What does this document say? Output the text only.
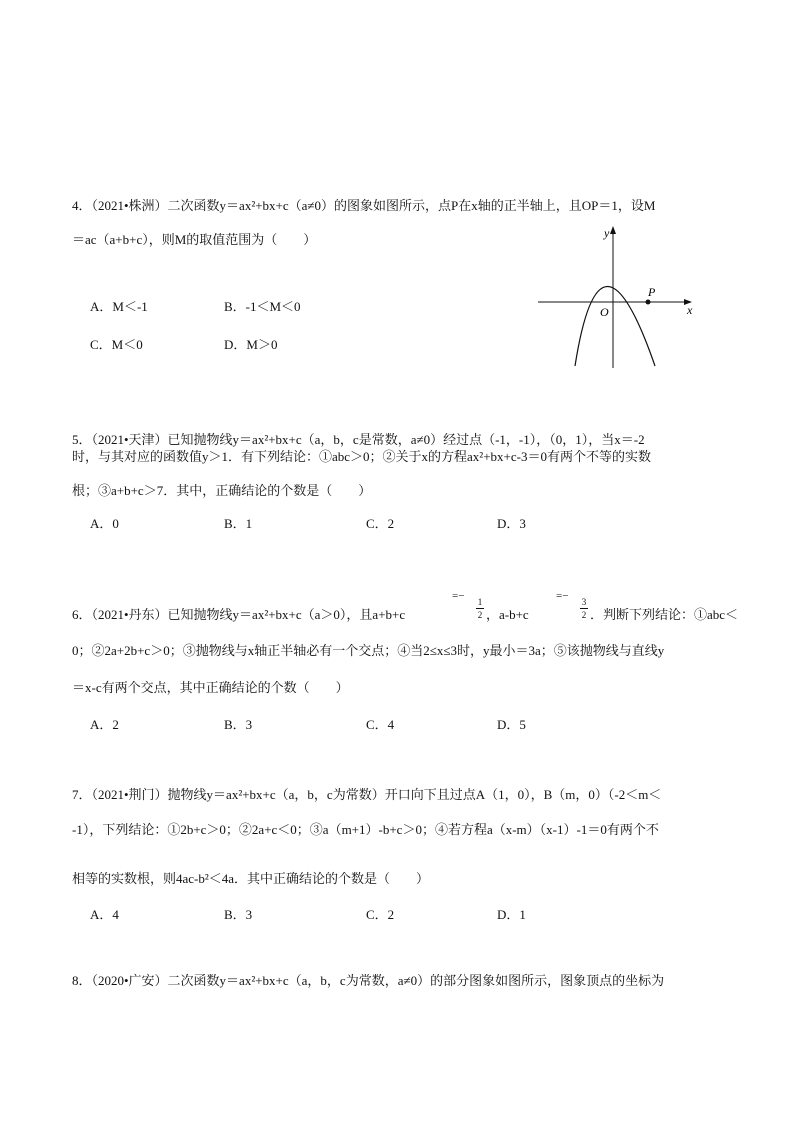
4．（2021•株洲）二次函数y＝ax²+bx+c（a≠0）的图象如图所示，点P在x轴的正半轴上，且OP＝1，设M
＝ac（a+b+c），则M的取值范围为（　　）
A．M＜-1	B．-1＜M＜0
C．M＜0	D．M＞0
y
x
O
P
5．（2021•天津）已知抛物线y＝ax²+bx+c（a，b，c是常数，a≠0）经过点（-1，-1），（0，1），当x＝-2
时，与其对应的函数值y＞1．有下列结论：①abc＞0；②关于x的方程ax²+bx+c-3＝0有两个不等的实数
根；③a+b+c＞7．其中，正确结论的个数是（　　）
A．0	B．1	C．2	D．3
6．（2021•丹东）已知抛物线y＝ax²+bx+c（a＞0），且a+b+c
=− 1
2 ，a-b+c
=− 3
2 ．判断下列结论：①abc＜
0；②2a+2b+c＞0；③抛物线与x轴正半轴必有一个交点；④当2≤x≤3时，y最小＝3a；⑤该抛物线与直线y
＝x-c有两个交点，其中正确结论的个数（　　）
A．2	B．3	C．4	D．5
7．（2021•荆门）抛物线y＝ax²+bx+c（a，b，c为常数）开口向下且过点A（1，0），B（m，0）（-2＜m＜
-1），下列结论：①2b+c＞0；②2a+c＜0；③a（m+1）-b+c＞0；④若方程a（x-m）（x-1）-1＝0有两个不
相等的实数根，则4ac-b²＜4a．其中正确结论的个数是（　　）
A．4	B．3	C．2	D．1
8．（2020•广安）二次函数y＝ax²+bx+c（a，b，c为常数，a≠0）的部分图象如图所示，图象顶点的坐标为
